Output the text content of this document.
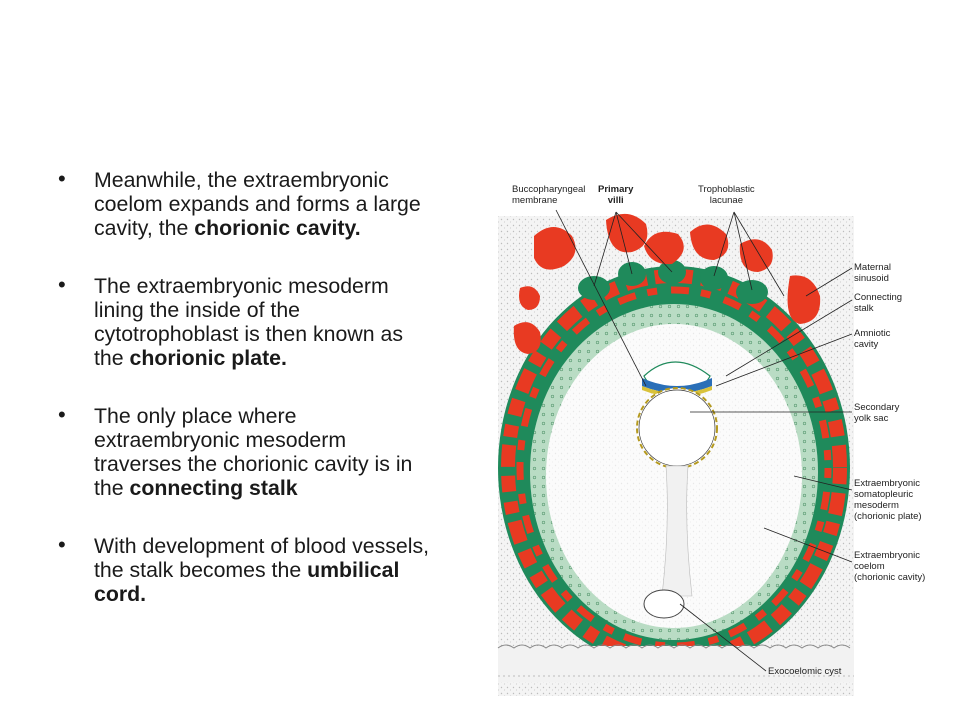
• Meanwhile, the extraembryonic coelom expands and forms a large cavity, the chorionic cavity.
• The extraembryonic mesoderm lining the inside of the cytotrophoblast is then known as the chorionic plate.
• The only place where extraembryonic mesoderm traverses the chorionic cavity is in the connecting stalk
• With development of blood vessels, the stalk becomes the umbilical cord.
Buccopharyngeal
membrane
Primary
villi
Trophoblastic
lacunae
Maternal
sinusoid
Connecting
stalk
Amniotic
cavity
Secondary
yolk sac
Extraembryonic
somatopleuric
mesoderm
(chorionic plate)
Extraembryonic
coelom
(chorionic cavity)
Exocoelomic cyst
